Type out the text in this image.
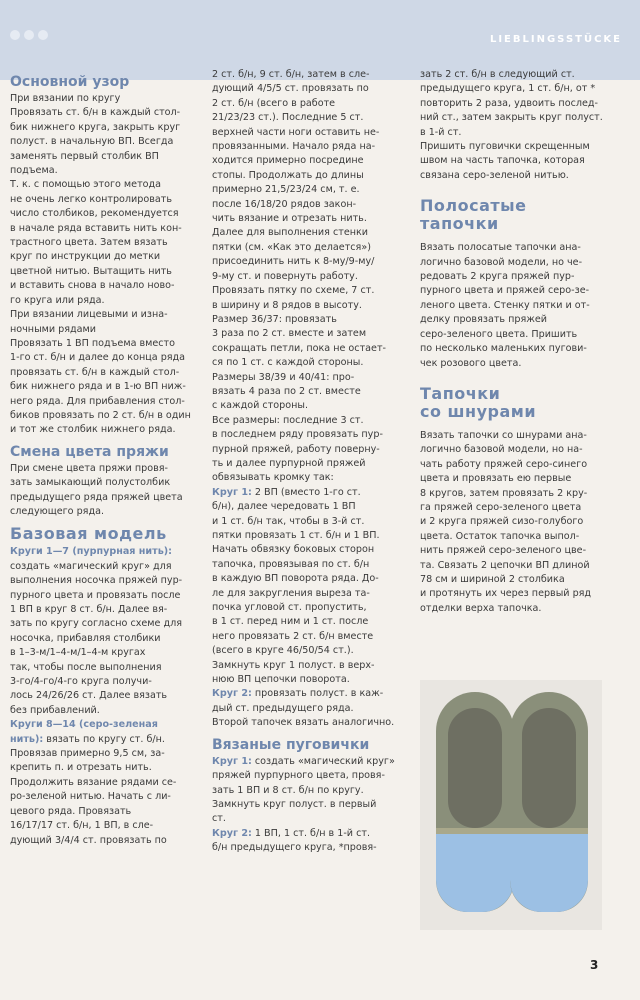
LIEBLINGSSTÜCKE
Основной узор

При вязании по кругу
Провязать ст. б/н в каждый стол-
бик нижнего круга, закрыть круг
полуст. в начальную ВП. Всегда
заменять первый столбик ВП
подъема.

Т. к. с помощью этого метода
не очень легко контролировать
число столбиков, рекомендуется
в начале ряда вставить нить кон-
трастного цвета. Затем вязать
круг по инструкции до метки
цветной нитью. Вытащить нить
и вставить снова в начало ново-
го круга или ряда.

При вязании лицевыми и изна-
ночными рядами
Провязать 1 ВП подъема вместо
1-го ст. б/н и далее до конца ряда
провязать ст. б/н в каждый стол-
бик нижнего ряда и в 1-ю ВП ниж-
него ряда. Для прибавления стол-
биков провязать по 2 ст. б/н в один
и тот же столбик нижнего ряда.

Смена цвета пряжи

При смене цвета пряжи провя-
зать замыкающий полустолбик
предыдущего ряда пряжей цвета
следующего ряда.

Базовая модель

Круги 1—7 (пурпурная нить):
создать «магический круг» для
выполнения носочка пряжей пур-
пурного цвета и провязать после
1 ВП в круг 8 ст. б/н. Далее вя-
зать по кругу согласно схеме для
носочка, прибавляя столбики
в 1–3-м/1–4-м/1–4-м кругах
так, чтобы после выполнения
3-го/4-го/4-го круга получи-
лось 24/26/26 ст. Далее вязать
без прибавлений.

Круги 8—14 (серо-зеленая
нить): вязать по кругу ст. б/н.
Провязав примерно 9,5 см, за-
крепить п. и отрезать нить.
Продолжить вязание рядами се-
ро-зеленой нитью. Начать с ли-
цевого ряда. Провязать
16/17/17 ст. б/н, 1 ВП, в сле-
дующий 3/4/4 ст. провязать по

2 ст. б/н, 9 ст. б/н, затем в сле-
дующий 4/5/5 ст. провязать по
2 ст. б/н (всего в работе
21/23/23 ст.). Последние 5 ст.
верхней части ноги оставить не-
провязанными. Начало ряда на-
ходится примерно посредине
стопы. Продолжать до длины
примерно 21,5/23/24 см, т. е.
после 16/18/20 рядов закон-
чить вязание и отрезать нить.
Далее для выполнения стенки
пятки (см. «Как это делается»)
присоединить нить к 8-му/9-му/
9-му ст. и повернуть работу.
Провязать пятку по схеме, 7 ст.
в ширину и 8 рядов в высоту.
Размер 36/37: провязать
3 раза по 2 ст. вместе и затем
сокращать петли, пока не остает-
ся по 1 ст. с каждой стороны.
Размеры 38/39 и 40/41: про-
вязать 4 раза по 2 ст. вместе
с каждой стороны.
Все размеры: последние 3 ст.
в последнем ряду провязать пур-
пурной пряжей, работу поверну-
ть и далее пурпурной пряжей
обвязывать кромку так:

Круг 1: 2 ВП (вместо 1-го ст.
б/н), далее чередовать 1 ВП
и 1 ст. б/н так, чтобы в 3-й ст.
пятки провязать 1 ст. б/н и 1 ВП.
Начать обвязку боковых сторон
тапочка, провязывая по ст. б/н
в каждую ВП поворота ряда. До-
ле для закругления выреза та-
почка угловой ст. пропустить,
в 1 ст. перед ним и 1 ст. после
него провязать 2 ст. б/н вместе
(всего в круге 46/50/54 ст.).
Замкнуть круг 1 полуст. в верх-
нюю ВП цепочки поворота.

Круг 2: провязать полуст. в каж-
дый ст. предыдущего ряда.
Второй тапочек вязать аналогично.

Вязаные пуговички

Круг 1: создать «магический круг»
пряжей пурпурного цвета, провя-
зать 1 ВП и 8 ст. б/н по кругу.
Замкнуть круг полуст. в первый
ст.

Круг 2: 1 ВП, 1 ст. б/н в 1-й ст.
б/н предыдущего круга, *провя-

зать 2 ст. б/н в следующий ст.
предыдущего круга, 1 ст. б/н, от *
повторить 2 раза, удвоить послед-
ний ст., затем закрыть круг полуст.
в 1-й ст.
Пришить пуговички скрещенным
швом на часть тапочка, которая
связана серо-зеленой нитью.

Полосатые
тапочки

Вязать полосатые тапочки ана-
логично базовой модели, но че-
редовать 2 круга пряжей пур-
пурного цвета и пряжей серо-зе-
леного цвета. Стенку пятки и от-
делку провязать пряжей
серо-зеленого цвета. Пришить
по несколько маленьких пугови-
чек розового цвета.

Тапочки
со шнурами

Вязать тапочки со шнурами ана-
логично базовой модели, но на-
чать работу пряжей серо-синего
цвета и провязать ею первые
8 кругов, затем провязать 2 кру-
га пряжей серо-зеленого цвета
и 2 круга пряжей сизо-голубого
цвета. Остаток тапочка выпол-
нить пряжей серо-зеленого цве-
та. Связать 2 цепочки ВП длиной
78 см и шириной 2 столбика
и протянуть их через первый ряд
отделки верха тапочка.

3
